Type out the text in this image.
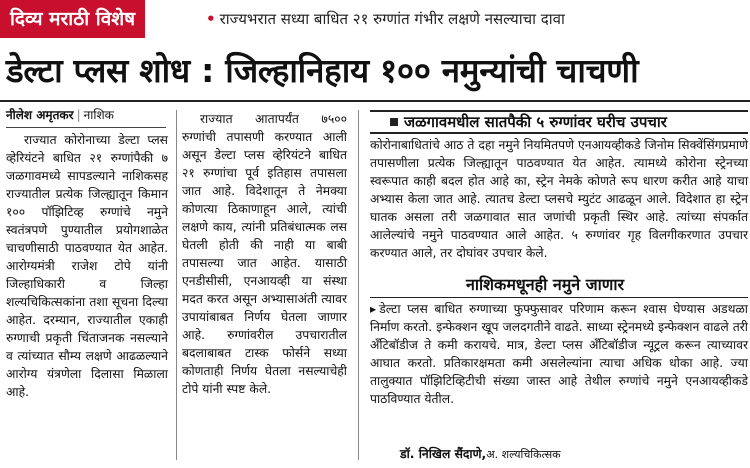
दिव्य मराठी विशेष	• राज्यभरात सध्या बाधित २१ रुग्णांत गंभीर लक्षणे नसल्याचा दावा
डेल्टा प्लस शोध : जिल्हानिहाय १०० नमुन्यांची चाचणी
नीलेश अमृतकर | नाशिक

राज्यात कोरोनाच्या डेल्टा प्लस व्हेरियंटने बाधित २१ रुग्णांपैकी ७ जळगावमध्ये सापडल्याने नाशिकसह राज्यातील प्रत्येक जिल्ह्यातून किमान १०० पॉझिटिव्ह रुग्णांचे नमुने स्वतंत्रपणे पुण्यातील प्रयोगशाळेत चाचणीसाठी पाठवण्यात येत आहेत. आरोग्यमंत्री राजेश टोपे यांनी जिल्हाधिकारी व जिल्हा शल्यचिकित्सकांना तशा सूचना दिल्या आहेत. दरम्यान, राज्यातील एकाही रुग्णाची प्रकृती चिंताजनक नसल्याने व त्यांच्यात सौम्य लक्षणे आढळल्याने आरोग्य यंत्रणेला दिलासा मिळाला आहे.

राज्यात आतापर्यंत ७५०० रुग्णांची तपासणी करण्यात आली असून डेल्टा प्लस व्हेरियंटने बाधित २१ रुग्णांचा पूर्व इतिहास तपासला जात आहे. विदेशातून ते नेमक्या कोणत्या ठिकाणाहून आले, त्यांची लक्षणे काय, त्यांनी प्रतिबंधात्मक लस घेतली होती की नाही या बाबी तपासल्या जात आहेत. यासाठी एनडीसीसी, एनआयव्ही या संस्था मदत करत असून अभ्यासाअंती त्यावर उपायांबाबत निर्णय घेतला जाणार आहे. रुग्णांवरील उपचारातील बदलाबाबत टास्क फोर्सने सध्या कोणताही निर्णय घेतला नसल्याचेही टोपे यांनी स्पष्ट केले.

जळगावमधील सातपैकी ५ रुग्णांवर घरीच उपचार

कोरोनाबाधितांचे आठ ते दहा नमुने नियमितपणे एनआयव्हीकडे जिनोम सिक्वेंसिंगप्रमाणे तपासणीला प्रत्येक जिल्ह्यातून पाठवण्यात येत आहेत. त्यामध्ये कोरोना स्ट्रेनच्या स्वरूपात काही बदल होत आहे का, स्ट्रेन नेमके कोणते रूप धारण करीत आहे याचा अभ्यास केला जात आहे. त्यातच डेल्टा प्लसचे म्युटंट आढळून आले. विदेशात हा स्ट्रेन घातक असला तरी जळगावात सात जणांची प्रकृती स्थिर आहे. त्यांच्या संपर्कात आलेल्यांचे नमुने पाठवण्यात आले आहेत. ५ रुग्णांवर गृह विलगीकरणात उपचार करण्यात आले, तर दोघांवर उपचार केले.

नाशिकमधूनही नमुने जाणार

▸ डेल्टा प्लस बाधित रुग्णाच्या फुफ्फुसावर परिणाम करून श्वास घेण्यास अडथळा निर्माण करतो. इन्फेक्शन खूप जलदगतीने वाढते. साध्या स्ट्रेनमध्ये इन्फेक्शन वाढले तरी अँटिबॉडीज ते कमी करायचे. मात्र, डेल्टा प्लस अँटिबॉडीज न्यूट्रल करून त्याच्यावर आघात करतो. प्रतिकारक्षमता कमी असलेल्यांना त्याचा अधिक धोका आहे. ज्या तालुक्यात पॉझिटिव्हिटीची संख्या जास्त आहे तेथील रुग्णांचे नमुने एनआयव्हीकडे पाठविण्यात येतील.

डॉ. निखिल सैंदाणे,अ. शल्यचिकित्सक
